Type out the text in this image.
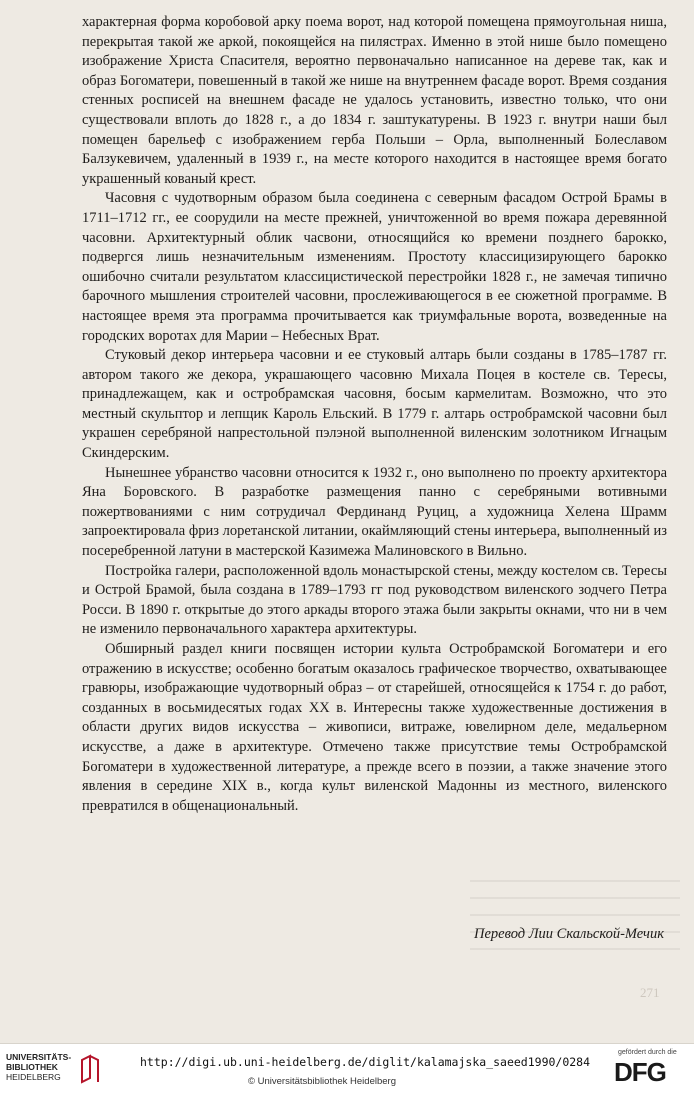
271

характерная форма коробовой арку поема ворот, над которой помещена прямоугольная ниша, перекрытая такой же аркой, покоящейся на пилястрах. Именно в этой нише было помещено изображение Христа Спасителя, вероятно первоначально написанное на дереве так, как и образ Богоматери, повешенный в такой же нише на внутреннем фасаде ворот. Время создания стенных росписей на внешнем фасаде не удалось установить, известно только, что они существовали вплоть до 1828 г., а до 1834 г. заштукатурены. В 1923 г. внутри наши был помещен барельеф с изображением герба Польши – Орла, выполненный Болеславом Балзукевичем, удаленный в 1939 г., на месте которого находится в настоящее время богато украшенный кованый крест.

Часовня с чудотворным образом была соединена с северным фасадом Острой Брамы в 1711–1712 гг., ее соорудили на месте прежней, уничтоженной во время пожара деревянной часовни. Архитектурный облик часвони, относящийся ко времени позднего барокко, подвергся лишь незначительным изменениям. Простоту классицизирующего барокко ошибочно считали результатом классицистической перестройки 1828 г., не замечая типично барочного мышления строителей часовни, прослеживающегося в ее сюжетной программе. В настоящее время эта программа прочитывается как триумфальные ворота, возведенные на городских воротах для Марии – Небесных Врат.

Стуковый декор интерьера часовни и ее стуковый алтарь были созданы в 1785–1787 гг. автором такого же декора, украшающего часовню Михала Поцея в костеле св. Тересы, принадлежащем, как и остробрамская часовня, босым кармелитам. Возможно, что это местный скульптор и лепщик Кароль Ельский. В 1779 г. алтарь остробрамской часовни был украшен серебряной напрестольной пэлэной выполненной виленским золотником Игнацым Скиндерским.

Нынешнее убранство часовни относится к 1932 г., оно выполнено по проекту архитектора Яна Боровского. В разработке размещения панно с серебряными вотивными пожертвованиями с ним сотрудичал Фердинанд Руциц, а художница Хелена Шрамм запроектировала фриз лоретанской литании, окаймляющий стены интерьера, выполненный из посеребренной латуни в мастерской Казимежа Малиновского в Вильно.

Постройка галери, расположенной вдоль монастырской стены, между костелом св. Тересы и Острой Брамой, была создана в 1789–1793 гг под руководством виленского зодчего Петра Росси. В 1890 г. открытые до этого аркады второго этажа были закрыты окнами, что ни в чем не изменило первоначального характера архитектуры.

Обширный раздел книги посвящен истории культа Остробрамской Богоматери и его отражению в искусстве; особенно богатым оказалось графическое творчество, охватывающее гравюры, изображающие чудотворный образ – от старейшей, относящейся к 1754 г. до работ, созданных в восьмидесятых годах XX в. Интересны также художественные достижения в области других видов искусства – живописи, витраже, ювелирном деле, медальерном искусстве, а даже в архитектуре. Отмечено также присутствие темы Остробрамской Богоматери в художественной литературе, а прежде всего в поэзии, а также значение этого явления в середине XIX в., когда культ виленской Мадонны из местного, виленского превратился в общенациональный.

Перевод Лии Скальской-Мечик
UNIVERSITÄTS-
BIBLIOTHEK
HEIDELBERG
http://digi.ub.uni-heidelberg.de/diglit/kalamajska_saeed1990/0284
© Universitätsbibliothek Heidelberg
gefördert durch die
DFG
